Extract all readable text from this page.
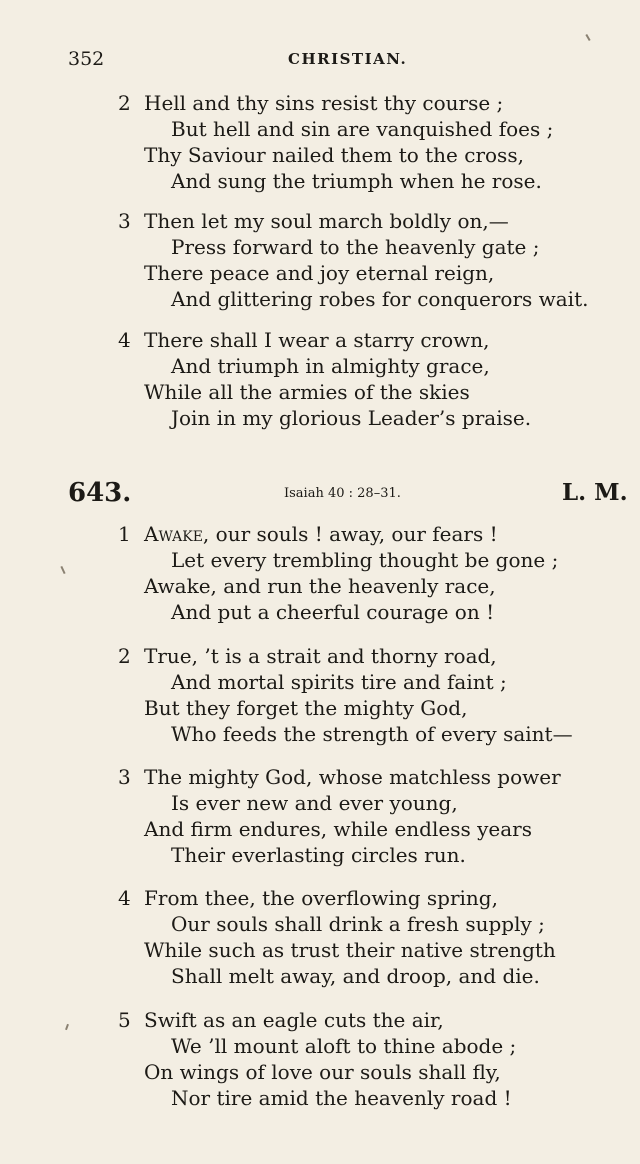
352	CHRISTIAN.
2 Hell and thy sins resist thy course ;
But hell and sin are vanquished foes ;
Thy Saviour nailed them to the cross,
And sung the triumph when he rose.
3 Then let my soul march boldly on,—
Press forward to the heavenly gate ;
There peace and joy eternal reign,
And glittering robes for conquerors wait.
4 There shall I wear a starry crown,
And triumph in almighty grace,
While all the armies of the skies
Join in my glorious Leader’s praise.
643.	Isaiah 40 : 28–31.	L. M.
1 Awake, our souls ! away, our fears !
Let every trembling thought be gone ;
Awake, and run the heavenly race,
And put a cheerful courage on !
2 True, ’t is a strait and thorny road,
And mortal spirits tire and faint ;
But they forget the mighty God,
Who feeds the strength of every saint—
3 The mighty God, whose matchless power
Is ever new and ever young,
And firm endures, while endless years
Their everlasting circles run.
4 From thee, the overflowing spring,
Our souls shall drink a fresh supply ;
While such as trust their native strength
Shall melt away, and droop, and die.
5 Swift as an eagle cuts the air,
We ’ll mount aloft to thine abode ;
On wings of love our souls shall fly,
Nor tire amid the heavenly road !
